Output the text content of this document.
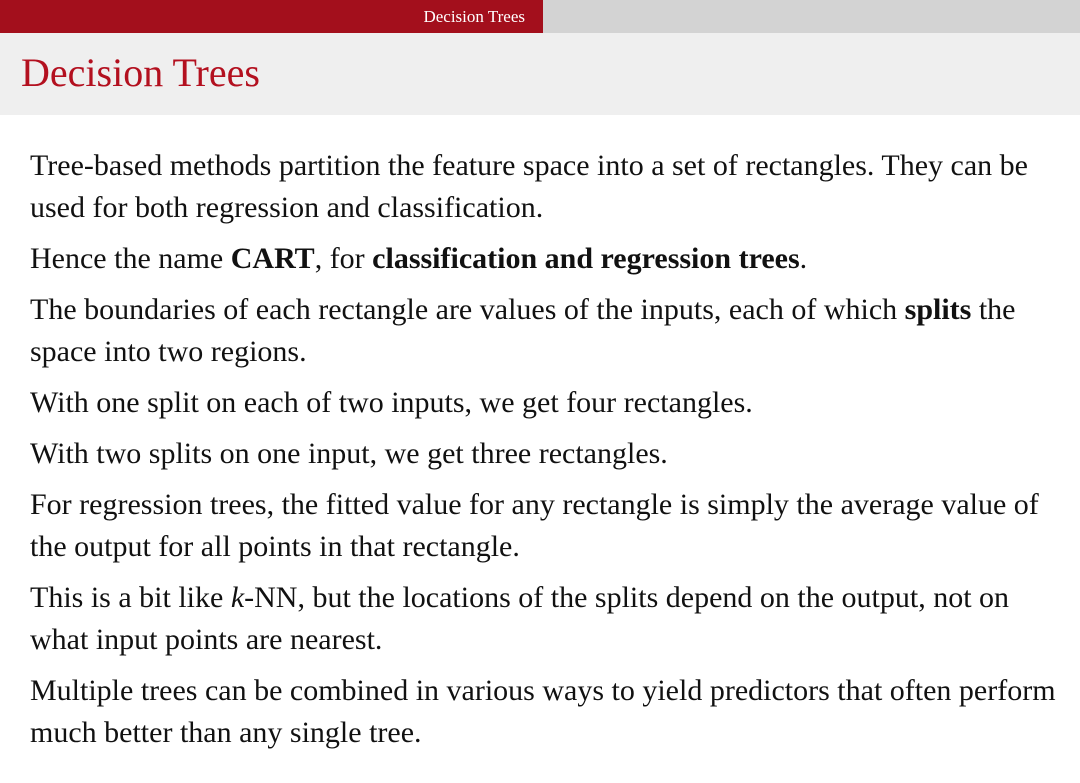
Decision Trees
Decision Trees

Tree-based methods partition the feature space into a set of rectangles. They can be used for both regression and classification.

Hence the name CART, for classification and regression trees.

The boundaries of each rectangle are values of the inputs, each of which splits the space into two regions.

With one split on each of two inputs, we get four rectangles.

With two splits on one input, we get three rectangles.

For regression trees, the fitted value for any rectangle is simply the average value of the output for all points in that rectangle.

This is a bit like k-NN, but the locations of the splits depend on the output, not on what input points are nearest.

Multiple trees can be combined in various ways to yield predictors that often perform much better than any single tree.
